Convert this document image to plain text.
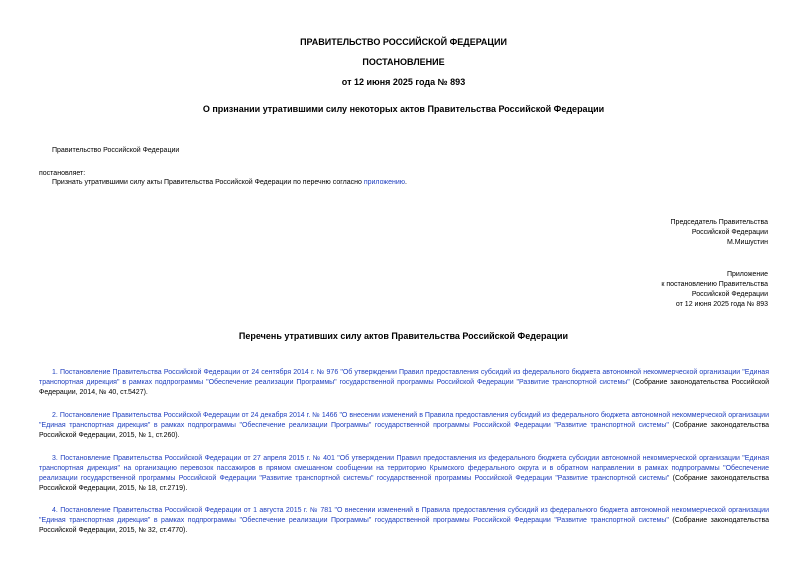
ПРАВИТЕЛЬСТВО РОССИЙСКОЙ ФЕДЕРАЦИИ
ПОСТАНОВЛЕНИЕ
от 12 июня 2025 года № 893
О признании утратившими силу некоторых актов Правительства Российской Федерации
Правительство Российской Федерации
постановляет:
Признать утратившими силу акты Правительства Российской Федерации по перечню согласно приложению.
Председатель Правительства
Российской Федерации
М.Мишустин
Приложение
к постановлению Правительства
Российской Федерации
от 12 июня 2025 года № 893
Перечень утративших силу актов Правительства Российской Федерации
1. Постановление Правительства Российской Федерации от 24 сентября 2014 г. № 976 "Об утверждении Правил предоставления субсидий из федерального бюджета автономной некоммерческой организации "Единая транспортная дирекция" в рамках подпрограммы "Обеспечение реализации Программы" государственной программы Российской Федерации "Развитие транспортной системы" (Собрание законодательства Российской Федерации, 2014, № 40, ст.5427).
2. Постановление Правительства Российской Федерации от 24 декабря 2014 г. № 1466 "О внесении изменений в Правила предоставления субсидий из федерального бюджета автономной некоммерческой организации "Единая транспортная дирекция" в рамках подпрограммы "Обеспечение реализации Программы" государственной программы Российской Федерации "Развитие транспортной системы" (Собрание законодательства Российской Федерации, 2015, № 1, ст.260).
3. Постановление Правительства Российской Федерации от 27 апреля 2015 г. № 401 "Об утверждении Правил предоставления из федерального бюджета субсидии автономной некоммерческой организации "Единая транспортная дирекция" на организацию перевозок пассажиров в прямом смешанном сообщении на территорию Крымского федерального округа и в обратном направлении в рамках подпрограммы "Обеспечение реализации государственной программы Российской Федерации "Развитие транспортной системы" государственной программы Российской Федерации "Развитие транспортной системы" (Собрание законодательства Российской Федерации, 2015, № 18, ст.2719).
4. Постановление Правительства Российской Федерации от 1 августа 2015 г. № 781 "О внесении изменений в Правила предоставления субсидий из федерального бюджета автономной некоммерческой организации "Единая транспортная дирекция" в рамках подпрограммы "Обеспечение реализации Программы" государственной программы Российской Федерации "Развитие транспортной системы" (Собрание законодательства Российской Федерации, 2015, № 32, ст.4770).
